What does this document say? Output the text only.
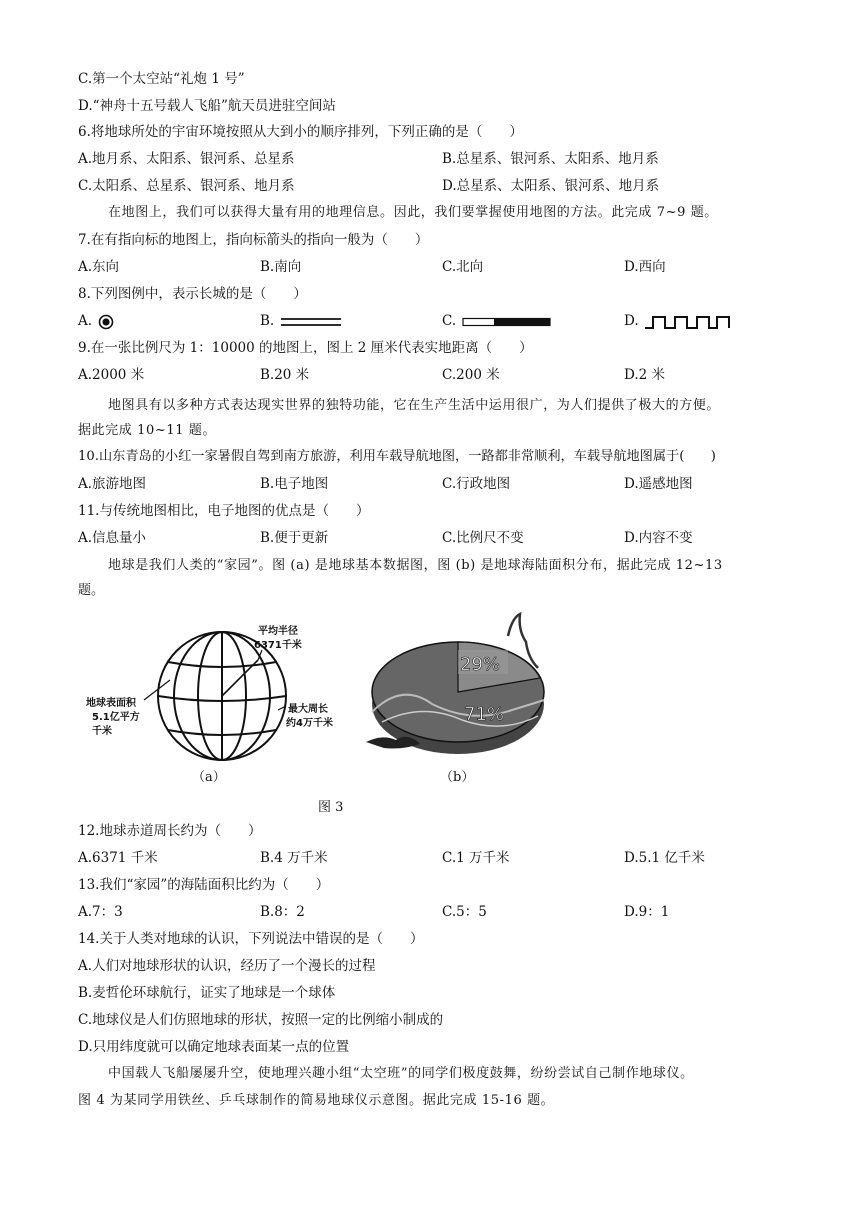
C.第一个太空站“礼炮 1 号”
D.“神舟十五号载人飞船”航天员进驻空间站
6.将地球所处的宇宙环境按照从大到小的顺序排列，下列正确的是（　　）
A.地月系、太阳系、银河系、总星系	B.总星系、银河系、太阳系、地月系
C.太阳系、总星系、银河系、地月系	D.总星系、太阳系、银河系、地月系
在地图上，我们可以获得大量有用的地理信息。因此，我们要掌握使用地图的方法。此完成 7~9 题。
7.在有指向标的地图上，指向标箭头的指向一般为（　　）
A.东向	B.南向	C.北向	D.西向
8.下列图例中，表示长城的是（　　）
A.	B.	C.	D.
9.在一张比例尺为 1：10000 的地图上，图上 2 厘米代表实地距离（　　）
A.2000 米	B.20 米	C.200 米	D.2 米
地图具有以多种方式表达现实世界的独特功能，它在生产生活中运用很广，为人们提供了极大的方便。
据此完成 10~11 题。
10.山东青岛的小红一家暑假自驾到南方旅游，利用车载导航地图，一路都非常顺利，车载导航地图属于(　　)
A.旅游地图	B.电子地图	C.行政地图	D.遥感地图
11.与传统地图相比，电子地图的优点是（　　）
A.信息量小	B.便于更新	C.比例尺不变	D.内容不变
地球是我们人类的“家园”。图 (a) 是地球基本数据图，图 (b) 是地球海陆面积分布，据此完成 12~13
题。
平均半径
6371千米
地球表面积
5.1亿平方
千米
最大周长
约4万千米
29%
71%
（a）	（b）
图 3
12.地球赤道周长约为（　　）
A.6371 千米	B.4 万千米	C.1 万千米	D.5.1 亿千米
13.我们“家园”的海陆面积比约为（　　）
A.7：3	B.8：2	C.5：5	D.9：1
14.关于人类对地球的认识，下列说法中错误的是（　　）
A.人们对地球形状的认识，经历了一个漫长的过程
B.麦哲伦环球航行，证实了地球是一个球体
C.地球仪是人们仿照地球的形状，按照一定的比例缩小制成的
D.只用纬度就可以确定地球表面某一点的位置
中国载人飞船屡屡升空，使地理兴趣小组“太空班”的同学们极度鼓舞，纷纷尝试自己制作地球仪。
图 4 为某同学用铁丝、乒乓球制作的简易地球仪示意图。据此完成 15-16 题。
